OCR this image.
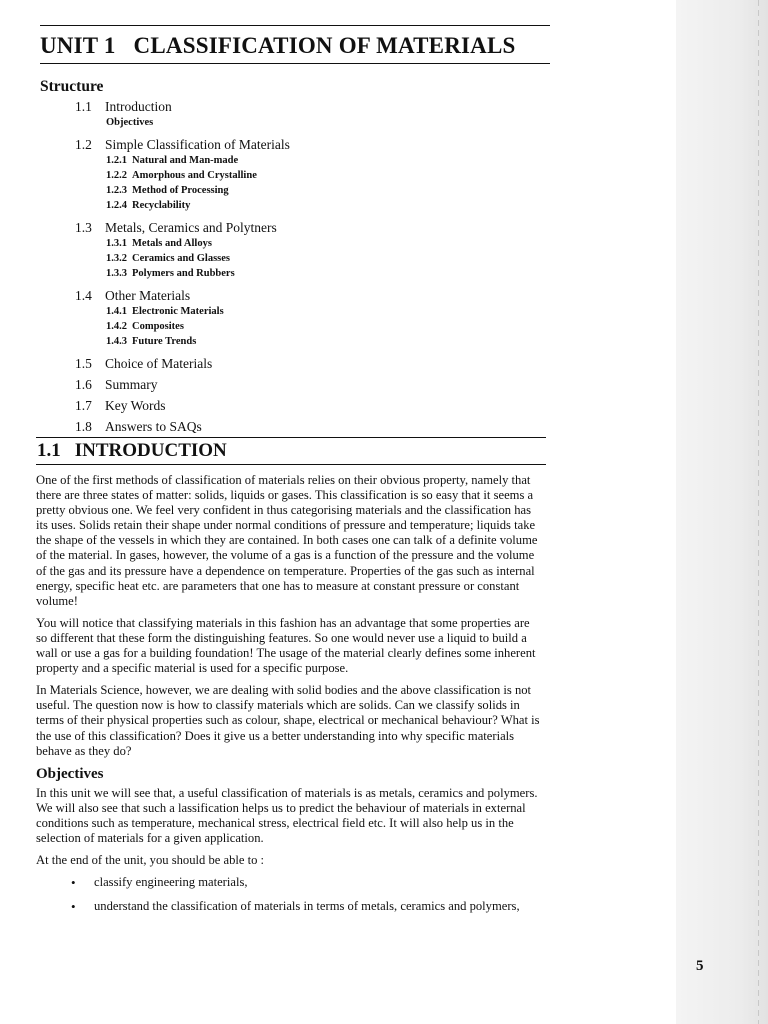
UNIT 1 CLASSIFICATION OF MATERIALS
Structure
1.1 Introduction
Objectives
1.2 Simple Classification of Materials
1.2.1 Natural and Man-made
1.2.2 Amorphous and Crystalline
1.2.3 Method of Processing
1.2.4 Recyclability
1.3 Metals, Ceramics and Polytners
1.3.1 Metals and Alloys
1.3.2 Ceramics and Glasses
1.3.3 Polymers and Rubbers
1.4 Other Materials
1.4.1 Electronic Materials
1.4.2 Composites
1.4.3 Future Trends
1.5 Choice of Materials
1.6 Summary
1.7 Key Words
1.8 Answers to SAQs
1.1 INTRODUCTION

One of the first methods of classification of materials relies on their obvious property, namely that there are three states of matter: solids, liquids or gases. This classification is so easy that it seems a pretty obvious one. We feel very confident in thus categorising materials and the classification has its uses. Solids retain their shape under normal conditions of pressure and temperature; liquids take the shape of the vessels in which they are contained. In both cases one can talk of a definite volume of the material. In gases, however, the volume of a gas is a function of the pressure and the volume of the gas and its pressure have a dependence on temperature. Properties of the gas such as internal energy, specific heat etc. are parameters that one has to measure at constant pressure or constant volume!

You will notice that classifying materials in this fashion has an advantage that some properties are so different that these form the distinguishing features. So one would never use a liquid to build a wall or use a gas for a building foundation! The usage of the material clearly defines some inherent property and a specific material is used for a specific purpose.

In Materials Science, however, we are dealing with solid bodies and the above classification is not useful. The question now is how to classify materials which are solids. Can we classify solids in terms of their physical properties such as colour, shape, electrical or mechanical behaviour? What is the use of this classification? Does it give us a better understanding into why specific materials behave as they do?

Objectives

In this unit we will see that, a useful classification of materials is as metals, ceramics and polymers. We will also see that such a lassification helps us to predict the behaviour of materials in external conditions such as temperature, mechanical stress, electrical field etc. It will also help us in the selection of materials for a given application.

At the end of the unit, you should be able to :

• classify engineering materials,
• understand the classification of materials in terms of metals, ceramics and polymers,
5
